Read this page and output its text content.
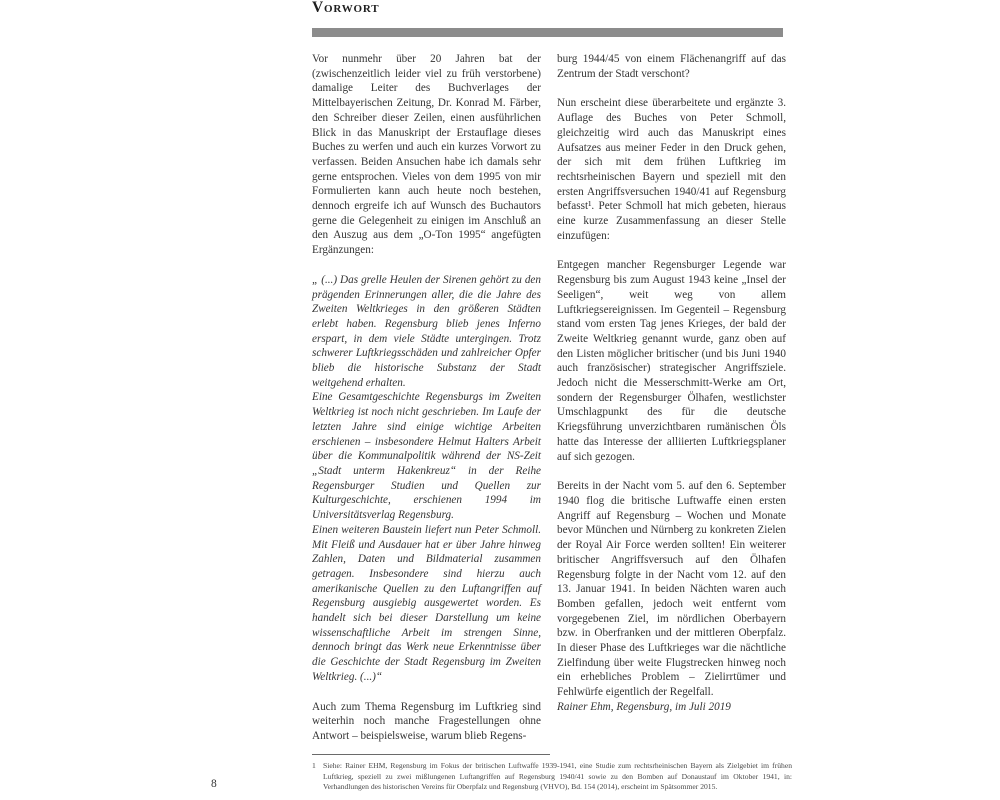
Vorwort

Vor nunmehr über 20 Jahren bat der (zwischenzeitlich leider viel zu früh verstorbene) damalige Leiter des Buchverlages der Mittelbayerischen Zeitung, Dr. Konrad M. Färber, den Schreiber dieser Zeilen, einen ausführlichen Blick in das Manuskript der Erstauflage dieses Buches zu werfen und auch ein kurzes Vorwort zu verfassen. Beiden Ansuchen habe ich damals sehr gerne entsprochen. Vieles von dem 1995 von mir Formulierten kann auch heute noch bestehen, dennoch ergreife ich auf Wunsch des Buchautors gerne die Gelegenheit zu einigen im Anschluß an den Auszug aus dem „O-Ton 1995“ angefügten Ergänzungen:

„ (...) Das grelle Heulen der Sirenen gehört zu den prägenden Erinnerungen aller, die die Jahre des Zweiten Weltkrieges in den größeren Städten erlebt haben. Regensburg blieb jenes Inferno erspart, in dem viele Städte untergingen. Trotz schwerer Luftkriegsschäden und zahlreicher Opfer blieb die historische Substanz der Stadt weitgehend erhalten.

Eine Gesamtgeschichte Regensburgs im Zweiten Weltkrieg ist noch nicht geschrieben. Im Laufe der letzten Jahre sind einige wichtige Arbeiten erschienen – insbesondere Helmut Halters Arbeit über die Kommunalpolitik während der NS-Zeit „Stadt unterm Hakenkreuz“ in der Reihe Regensburger Studien und Quellen zur Kulturgeschichte, erschienen 1994 im Universitätsverlag Regensburg.

Einen weiteren Baustein liefert nun Peter Schmoll. Mit Fleiß und Ausdauer hat er über Jahre hinweg Zahlen, Daten und Bildmaterial zusammen getragen. Insbesondere sind hierzu auch amerikanische Quellen zu den Luftangriffen auf Regensburg ausgiebig ausgewertet worden. Es handelt sich bei dieser Darstellung um keine wissenschaftliche Arbeit im strengen Sinne, dennoch bringt das Werk neue Erkenntnisse über die Geschichte der Stadt Regensburg im Zweiten Weltkrieg. (...)“

Auch zum Thema Regensburg im Luftkrieg sind weiterhin noch manche Fragestellungen ohne Antwort – beispielsweise, warum blieb Regens-

burg 1944/45 von einem Flächenangriff auf das Zentrum der Stadt verschont?

Nun erscheint diese überarbeitete und ergänzte 3. Auflage des Buches von Peter Schmoll, gleichzeitig wird auch das Manuskript eines Aufsatzes aus meiner Feder in den Druck gehen, der sich mit dem frühen Luftkrieg im rechtsrheinischen Bayern und speziell mit den ersten Angriffsversuchen 1940/41 auf Regensburg befasst¹. Peter Schmoll hat mich gebeten, hieraus eine kurze Zusammenfassung an dieser Stelle einzufügen:

Entgegen mancher Regensburger Legende war Regensburg bis zum August 1943 keine „Insel der Seeligen“, weit weg von allem Luftkriegsereignissen. Im Gegenteil – Regensburg stand vom ersten Tag jenes Krieges, der bald der Zweite Weltkrieg genannt wurde, ganz oben auf den Listen möglicher britischer (und bis Juni 1940 auch französischer) strategischer Angriffsziele. Jedoch nicht die Messerschmitt-Werke am Ort, sondern der Regensburger Ölhafen, westlichster Umschlagpunkt des für die deutsche Kriegsführung unverzichtbaren rumänischen Öls hatte das Interesse der alliierten Luftkriegsplaner auf sich gezogen.

Bereits in der Nacht vom 5. auf den 6. September 1940 flog die britische Luftwaffe einen ersten Angriff auf Regensburg – Wochen und Monate bevor München und Nürnberg zu konkreten Zielen der Royal Air Force werden sollten! Ein weiterer britischer Angriffsversuch auf den Ölhafen Regensburg folgte in der Nacht vom 12. auf den 13. Januar 1941. In beiden Nächten waren auch Bomben gefallen, jedoch weit entfernt vom vorgegebenen Ziel, im nördlichen Oberbayern bzw. in Oberfranken und der mittleren Oberpfalz. In dieser Phase des Luftkrieges war die nächtliche Zielfindung über weite Flugstrecken hinweg noch ein erhebliches Problem – Zielirrtümer und Fehlwürfe eigentlich der Regelfall.

Rainer Ehm, Regensburg, im Juli 2019

1 Siehe: Rainer EHM, Regensburg im Fokus der britischen Luftwaffe 1939-1941, eine Studie zum rechtsrheinischen Bayern als Zielgebiet im frühen Luftkrieg, speziell zu zwei mißlungenen Luftangriffen auf Regensburg 1940/41 sowie zu den Bomben auf Donaustauf im Oktober 1941, in: Verhandlungen des historischen Vereins für Oberpfalz und Regensburg (VHVO), Bd. 154 (2014), erscheint im Spätsommer 2015.
8
